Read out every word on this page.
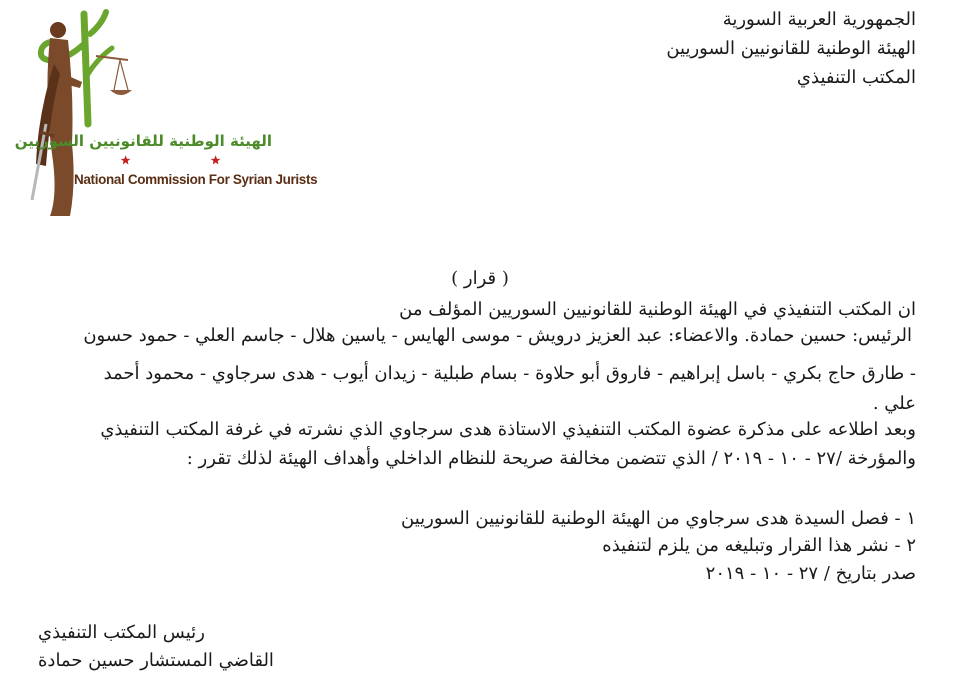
الهيئة الوطنية للقانونيين السوريين
National Commission For Syrian Jurists
الجمهورية العربية السورية
الهيئة الوطنية للقانونيين السوريين
المكتب التنفيذي
( قرار )
ان المكتب التنفيذي في الهيئة الوطنية للقانونيين السوريين المؤلف من
الرئيس: حسين حمادة. والاعضاء: عبد العزيز درويش - موسى الهايس - ياسين هلال - جاسم العلي - حمود حسون
- طارق حاج بكري - باسل إبراهيم - فاروق أبو حلاوة - بسام طبلية - زيدان أيوب - هدى سرجاوي - محمود أحمد
علي .
وبعد اطلاعه على مذكرة عضوة المكتب التنفيذي الاستاذة هدى سرجاوي الذي نشرته في غرفة المكتب التنفيذي
والمؤرخة /٢٧ - ١٠ - ٢٠١٩ / الذي تتضمن مخالفة صريحة للنظام الداخلي وأهداف الهيئة لذلك تقرر :
١ - فصل السيدة هدى سرجاوي من الهيئة الوطنية للقانونيين السوريين
٢ - نشر هذا القرار وتبليغه من يلزم لتنفيذه
صدر بتاريخ / ٢٧ - ١٠ - ٢٠١٩
رئيس المكتب التنفيذي
القاضي المستشار حسين حمادة
